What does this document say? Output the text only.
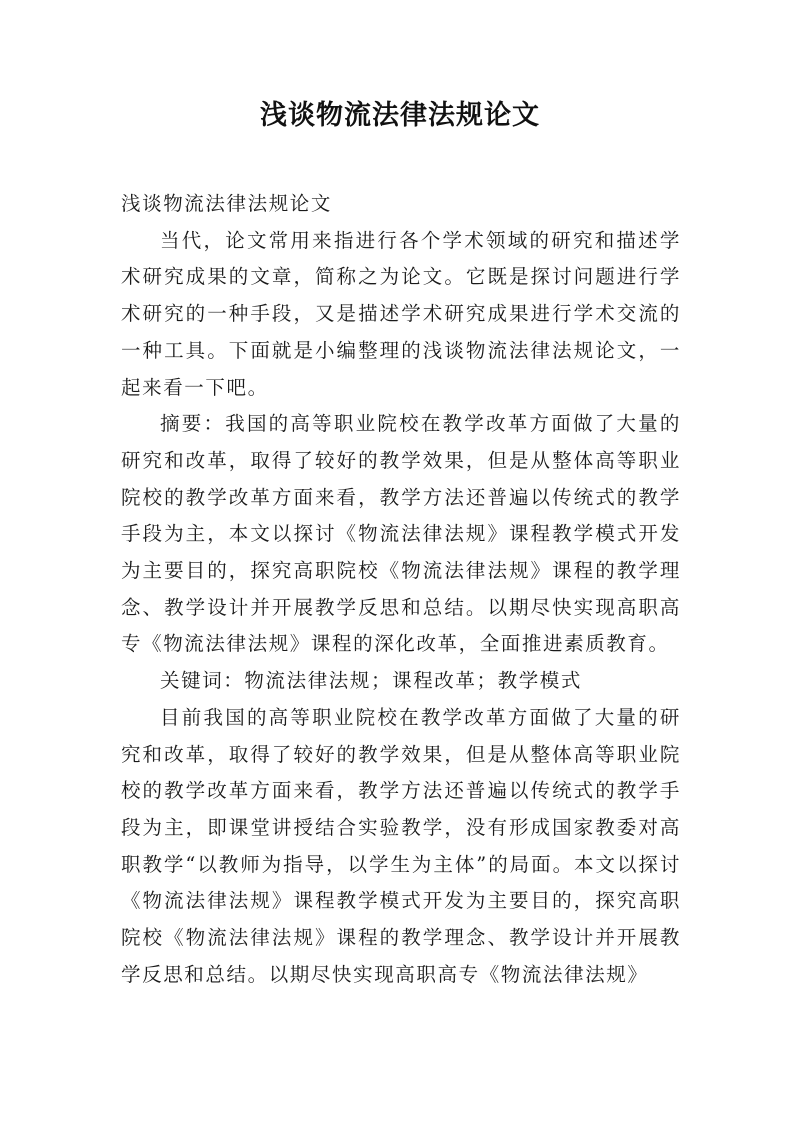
浅谈物流法律法规论文

浅谈物流法律法规论文

当代，论文常用来指进行各个学术领域的研究和描述学术研究成果的文章，简称之为论文。它既是探讨问题进行学术研究的一种手段，又是描述学术研究成果进行学术交流的一种工具。下面就是小编整理的浅谈物流法律法规论文，一起来看一下吧。

摘要：我国的高等职业院校在教学改革方面做了大量的研究和改革，取得了较好的教学效果，但是从整体高等职业院校的教学改革方面来看，教学方法还普遍以传统式的教学手段为主，本文以探讨《物流法律法规》课程教学模式开发为主要目的，探究高职院校《物流法律法规》课程的教学理念、教学设计并开展教学反思和总结。以期尽快实现高职高专《物流法律法规》课程的深化改革，全面推进素质教育。

关键词：物流法律法规；课程改革；教学模式

目前我国的高等职业院校在教学改革方面做了大量的研究和改革，取得了较好的教学效果，但是从整体高等职业院校的教学改革方面来看，教学方法还普遍以传统式的教学手段为主，即课堂讲授结合实验教学，没有形成国家教委对高职教学“以教师为指导，以学生为主体”的局面。本文以探讨《物流法律法规》课程教学模式开发为主要目的，探究高职院校《物流法律法规》课程的教学理念、教学设计并开展教学反思和总结。以期尽快实现高职高专《物流法律法规》
